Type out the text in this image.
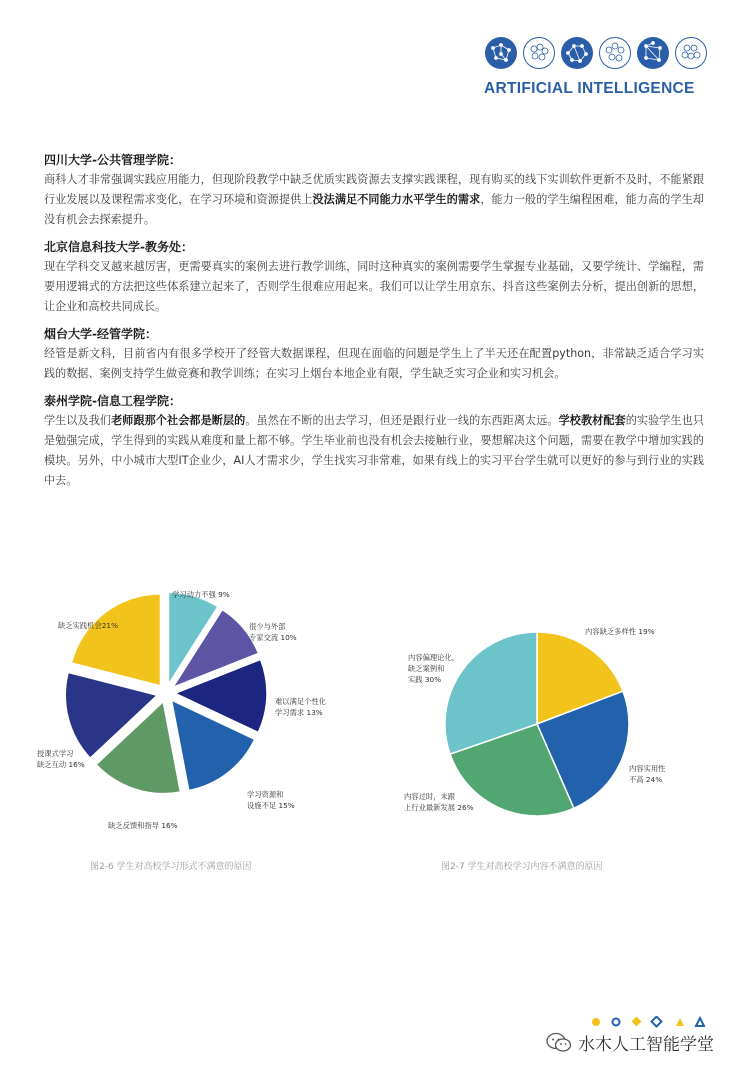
ARTIFICIAL INTELLIGENCE
四川大学-公共管理学院：
商科人才非常强调实践应用能力，但现阶段教学中缺乏优质实践资源去支撑实践课程，现有购买的线下实训软件更新不及时，不能紧跟行业发展以及课程需求变化，在学习环境和资源提供上没法满足不同能力水平学生的需求，能力一般的学生编程困难，能力高的学生却没有机会去探索提升。
北京信息科技大学-教务处：
现在学科交叉越来越厉害，更需要真实的案例去进行教学训练，同时这种真实的案例需要学生掌握专业基础，又要学统计、学编程，需要用逻辑式的方法把这些体系建立起来了，否则学生很难应用起来。我们可以让学生用京东、抖音这些案例去分析，提出创新的思想，让企业和高校共同成长。
烟台大学-经管学院：
经管是新文科，目前省内有很多学校开了经管大数据课程，但现在面临的问题是学生上了半天还在配置python，非常缺乏适合学习实践的数据、案例支持学生做竞赛和教学训练；在实习上烟台本地企业有限，学生缺乏实习企业和实习机会。
泰州学院-信息工程学院：
学生以及我们老师跟那个社会都是断层的。虽然在不断的出去学习，但还是跟行业一线的东西距离太远。学校教材配套的实验学生也只是勉强完成，学生得到的实践从难度和量上都不够。学生毕业前也没有机会去接触行业，要想解决这个问题，需要在教学中增加实践的模块。另外，中小城市大型IT企业少，AI人才需求少，学生找实习非常难，如果有线上的实习平台学生就可以更好的参与到行业的实践中去。
学习动力不强 9%
很少与外部专家交流 10%
难以满足个性化学习需求 13%
学习资源和设施不足 15%
缺乏反馈和指导 16%
授课式学习缺乏互动 16%
缺乏实践机会21%
图2-6 学生对高校学习形式不满意的原因
内容缺乏多样性 19%
内容实用性不高 24%
内容过时，未跟上行业最新发展 26%
内容偏理论化，缺乏案例和实践 30%
图2-7 学生对高校学习内容不满意的原因
水木人工智能学堂
